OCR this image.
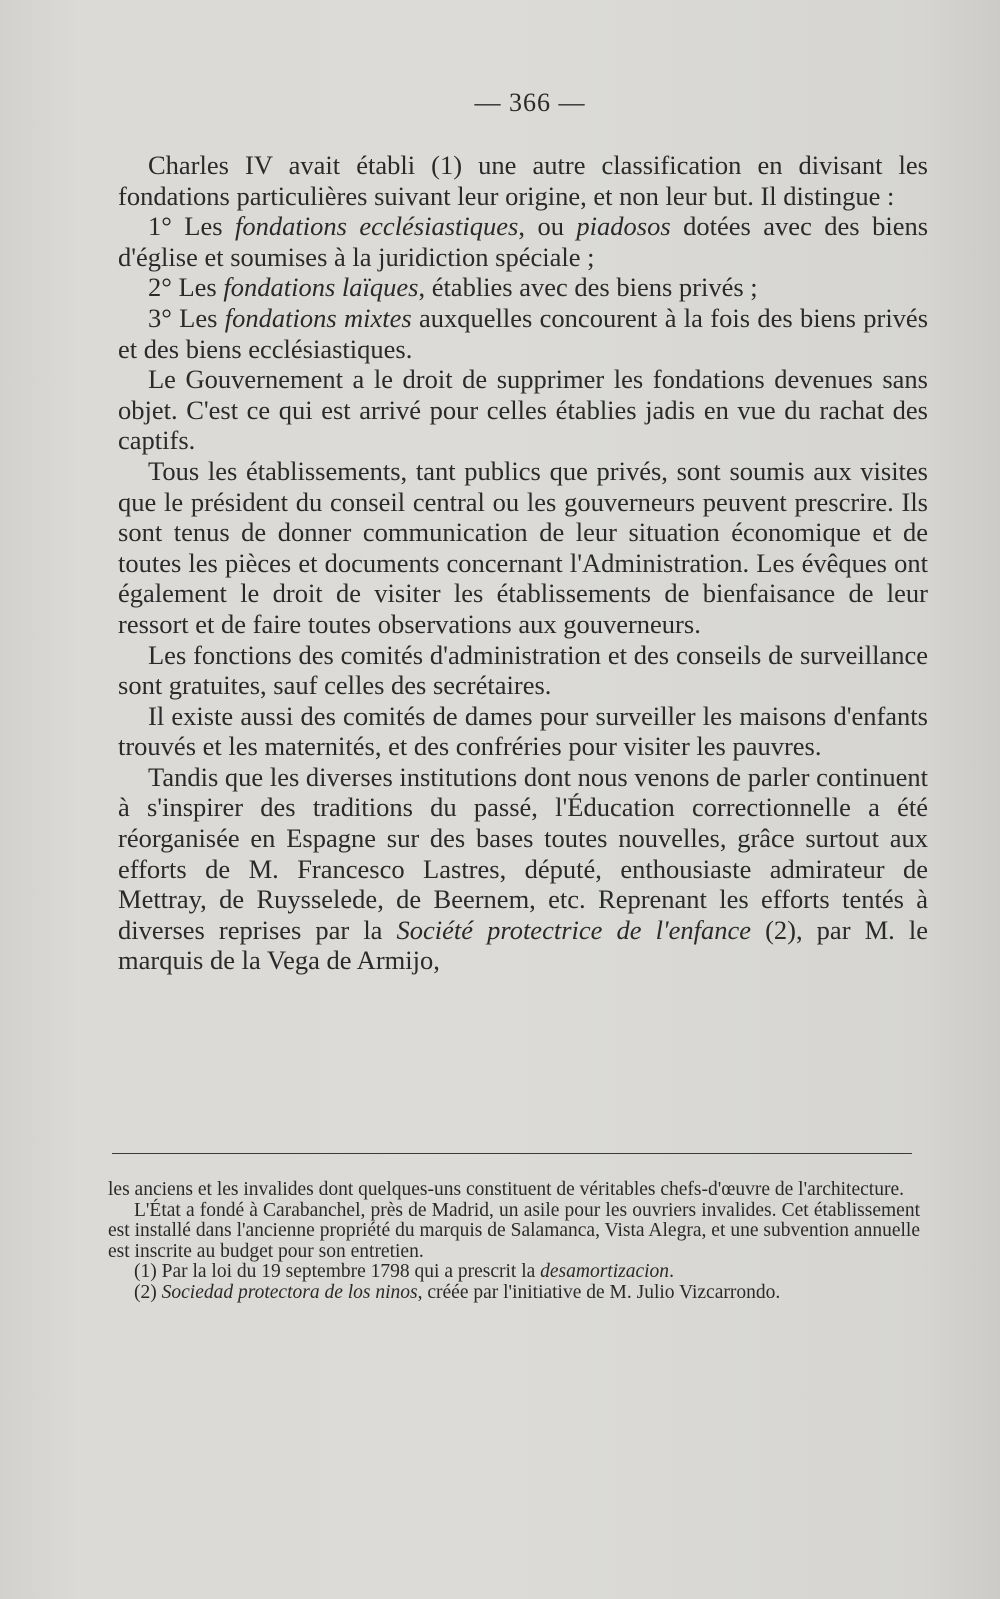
— 366 —

Charles IV avait établi (1) une autre classification en divisant les fondations particulières suivant leur origine, et non leur but. Il distingue :

1° Les fondations ecclésiastiques, ou piadosos dotées avec des biens d'église et soumises à la juridiction spéciale ;

2° Les fondations laïques, établies avec des biens privés ;

3° Les fondations mixtes auxquelles concourent à la fois des biens privés et des biens ecclésiastiques.

Le Gouvernement a le droit de supprimer les fondations devenues sans objet. C'est ce qui est arrivé pour celles établies jadis en vue du rachat des captifs.

Tous les établissements, tant publics que privés, sont soumis aux visites que le président du conseil central ou les gouverneurs peuvent prescrire. Ils sont tenus de donner communication de leur situation économique et de toutes les pièces et documents concernant l'Administration. Les évêques ont également le droit de visiter les établissements de bienfaisance de leur ressort et de faire toutes observations aux gouverneurs.

Les fonctions des comités d'administration et des conseils de surveillance sont gratuites, sauf celles des secrétaires.

Il existe aussi des comités de dames pour surveiller les maisons d'enfants trouvés et les maternités, et des confréries pour visiter les pauvres.

Tandis que les diverses institutions dont nous venons de parler continuent à s'inspirer des traditions du passé, l'Éducation correctionnelle a été réorganisée en Espagne sur des bases toutes nouvelles, grâce surtout aux efforts de M. Francesco Lastres, député, enthousiaste admirateur de Mettray, de Ruysselede, de Beernem, etc. Reprenant les efforts tentés à diverses reprises par la Société protectrice de l'enfance (2), par M. le marquis de la Vega de Armijo,

les anciens et les invalides dont quelques-uns constituent de véritables chefs-d'œuvre de l'architecture.

L'État a fondé à Carabanchel, près de Madrid, un asile pour les ouvriers invalides. Cet établissement est installé dans l'ancienne propriété du marquis de Salamanca, Vista Alegra, et une subvention annuelle est inscrite au budget pour son entretien.

(1) Par la loi du 19 septembre 1798 qui a prescrit la desamortizacion.

(2) Sociedad protectora de los ninos, créée par l'initiative de M. Julio Vizcarrondo.
